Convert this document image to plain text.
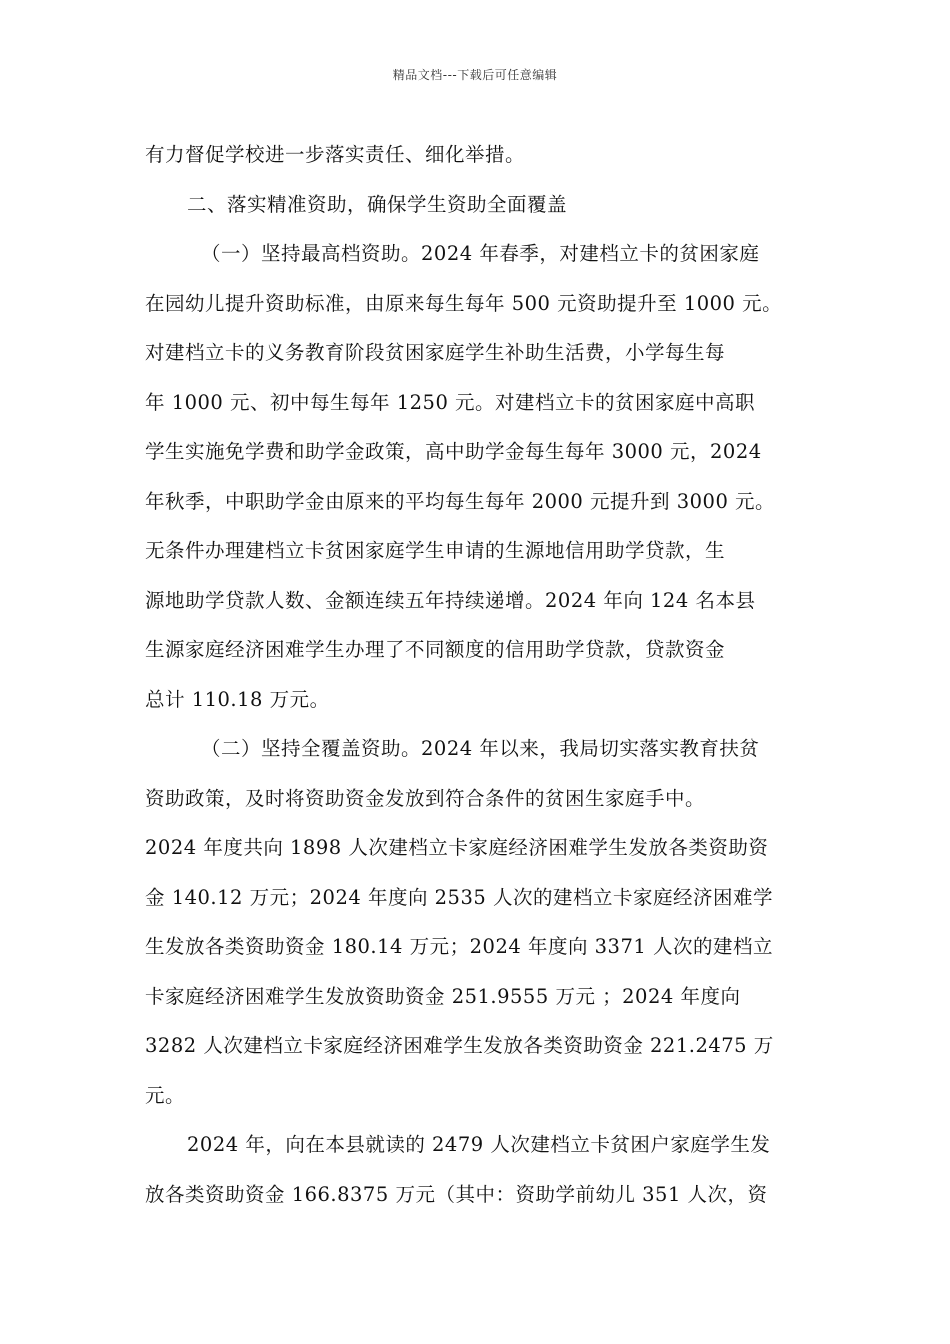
精品文档---下载后可任意编辑
有力督促学校进一步落实责任、细化举措。
二、落实精准资助，确保学生资助全面覆盖
（一）坚持最高档资助。2024 年春季，对建档立卡的贫困家庭
在园幼儿提升资助标准，由原来每生每年 500 元资助提升至 1000 元。
对建档立卡的义务教育阶段贫困家庭学生补助生活费，小学每生每
年 1000 元、初中每生每年 1250 元。对建档立卡的贫困家庭中高职
学生实施免学费和助学金政策，高中助学金每生每年 3000 元，2024
年秋季，中职助学金由原来的平均每生每年 2000 元提升到 3000 元。
无条件办理建档立卡贫困家庭学生申请的生源地信用助学贷款，生
源地助学贷款人数、金额连续五年持续递增。2024 年向 124 名本县
生源家庭经济困难学生办理了不同额度的信用助学贷款，贷款资金
总计 110.18 万元。
（二）坚持全覆盖资助。2024 年以来，我局切实落实教育扶贫
资助政策，及时将资助资金发放到符合条件的贫困生家庭手中。
2024 年度共向 1898 人次建档立卡家庭经济困难学生发放各类资助资
金 140.12 万元；2024 年度向 2535 人次的建档立卡家庭经济困难学
生发放各类资助资金 180.14 万元；2024 年度向 3371 人次的建档立
卡家庭经济困难学生发放资助资金 251.9555 万元 ；2024 年度向
3282 人次建档立卡家庭经济困难学生发放各类资助资金 221.2475 万
元。
2024 年，向在本县就读的 2479 人次建档立卡贫困户家庭学生发
放各类资助资金 166.8375 万元（其中：资助学前幼儿 351 人次，资
